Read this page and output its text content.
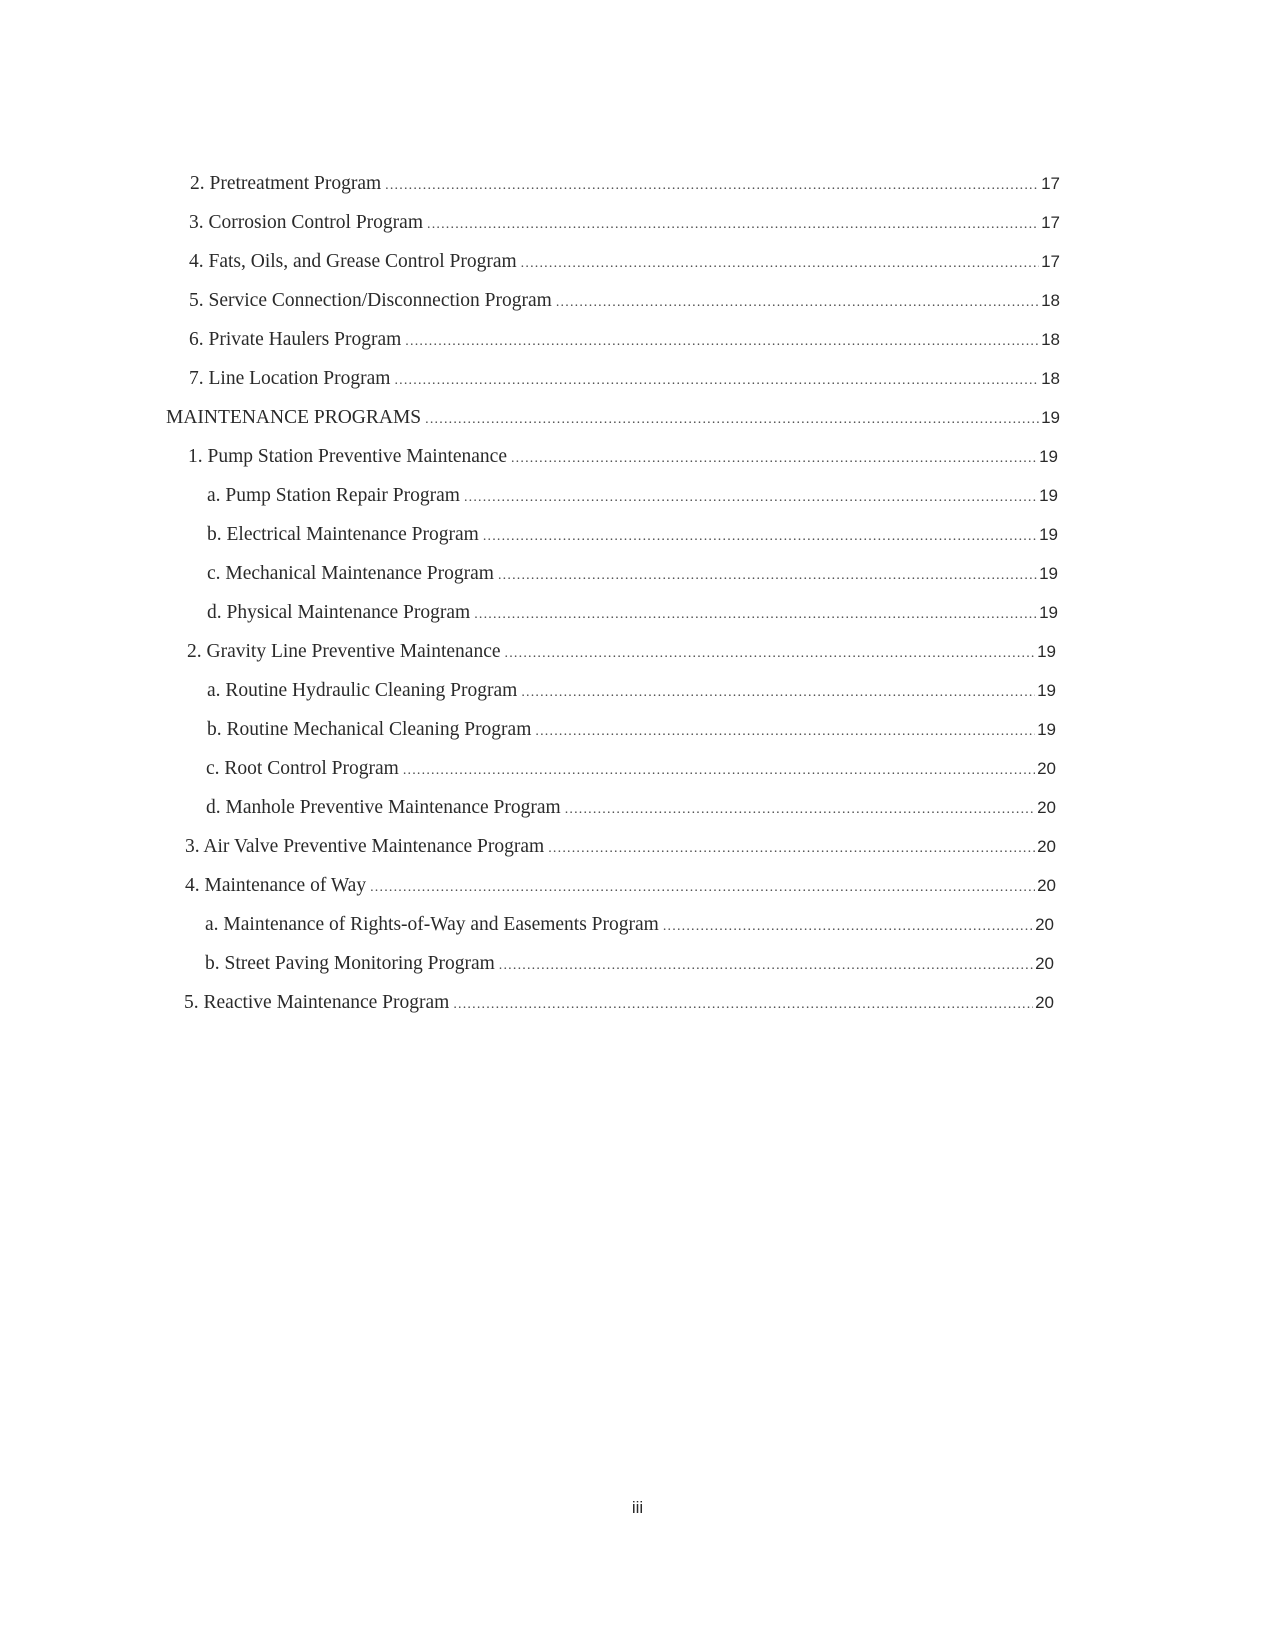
2. Pretreatment Program .....	17
3. Corrosion Control Program .....	17
4. Fats, Oils, and Grease Control Program .....	17
5. Service Connection/Disconnection Program .....	18
6. Private Haulers Program .....	18
7. Line Location Program .....	18
MAINTENANCE PROGRAMS .....	19
1. Pump Station Preventive Maintenance .....	19
a. Pump Station Repair Program .....	19
b. Electrical Maintenance Program .....	19
c. Mechanical Maintenance Program .....	19
d. Physical Maintenance Program .....	19
2. Gravity Line Preventive Maintenance .....	19
a. Routine Hydraulic Cleaning Program .....	19
b. Routine Mechanical Cleaning Program .....	19
c. Root Control Program .....	20
d. Manhole Preventive Maintenance Program .....	20
3. Air Valve Preventive Maintenance Program .....	20
4. Maintenance of Way .....	20
a. Maintenance of Rights-of-Way and Easements Program .....	20
b. Street Paving Monitoring Program .....	20
5. Reactive Maintenance Program .....	20
iii
